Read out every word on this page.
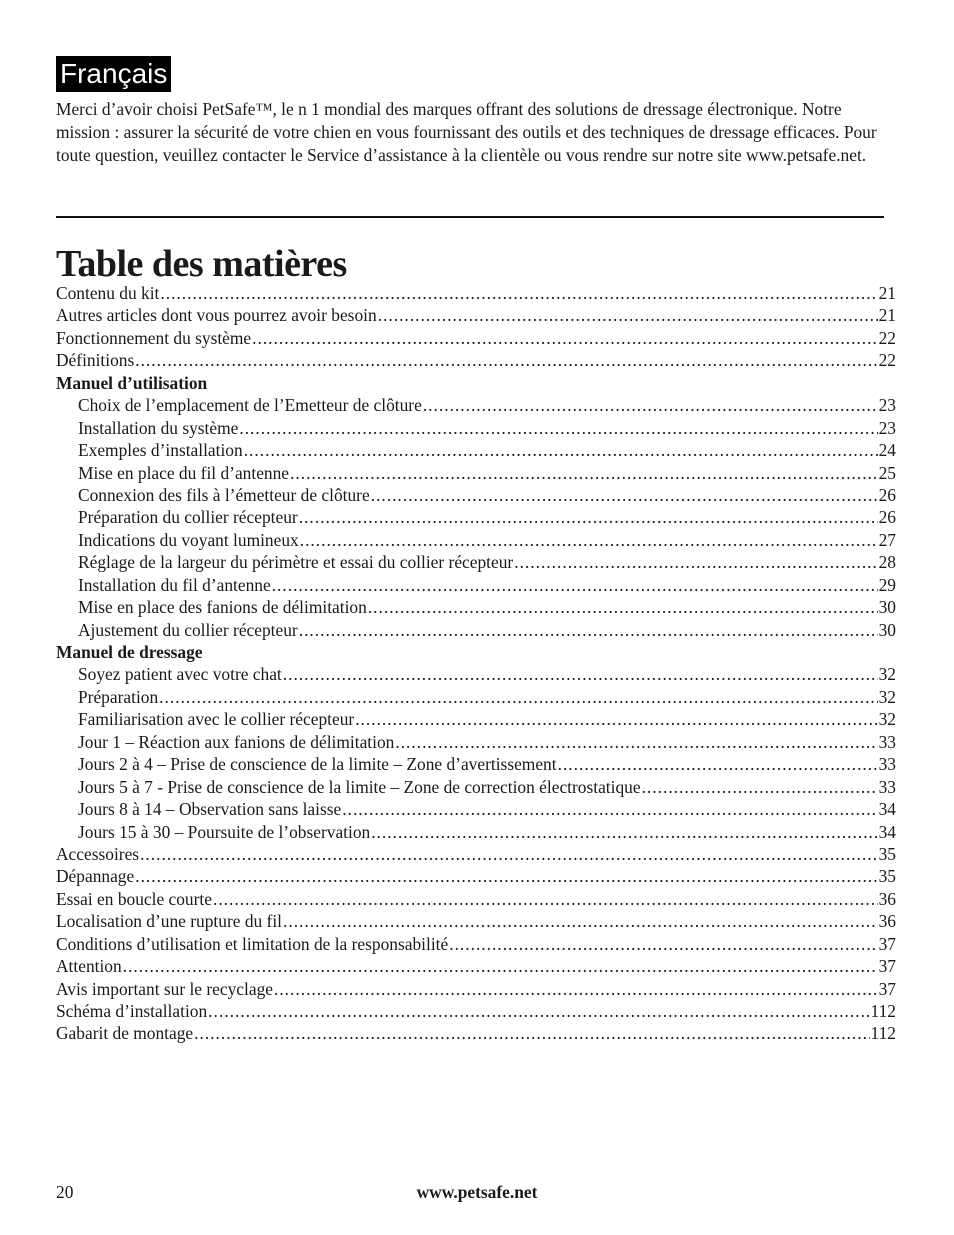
Français

Merci d’avoir choisi PetSafe™, le n 1 mondial des marques offrant des solutions de dressage électronique. Notre mission : assurer la sécurité de votre chien en vous fournissant des outils et des techniques de dressage efficaces. Pour toute question, veuillez contacter le Service d’assistance à la clientèle ou vous rendre sur notre site www.petsafe.net.

Table des matières
Contenu du kit .....	21
Autres articles dont vous pourrez avoir besoin .....	21
Fonctionnement du système .....	22
Définitions .....	22
Manuel d’utilisation
Choix de l’emplacement de l’Emetteur de clôture .....	23
Installation du système .....	23
Exemples d’installation .....	24
Mise en place du fil d’antenne .....	25
Connexion des fils à l’émetteur de clôture .....	26
Préparation du collier récepteur .....	26
Indications du voyant lumineux .....	27
Réglage de la largeur du périmètre et essai du collier récepteur .....	28
Installation du fil d’antenne .....	29
Mise en place des fanions de délimitation .....	30
Ajustement du collier récepteur .....	30
Manuel de dressage
Soyez patient avec votre chat .....	32
Préparation .....	32
Familiarisation avec le collier récepteur .....	32
Jour 1 – Réaction aux fanions de délimitation .....	33
Jours 2 à 4 – Prise de conscience de la limite – Zone d’avertissement .....	33
Jours 5 à 7 - Prise de conscience de la limite – Zone de correction électrostatique .....	33
Jours 8 à 14 – Observation sans laisse .....	34
Jours 15 à 30 – Poursuite de l’observation .....	34
Accessoires .....	35
Dépannage .....	35
Essai en boucle courte .....	36
Localisation d’une rupture du fil .....	36
Conditions d’utilisation et limitation de la responsabilité .....	37
Attention .....	37
Avis important sur le recyclage .....	37
Schéma d’installation .....	112
Gabarit de montage .....	112
20	www.petsafe.net
